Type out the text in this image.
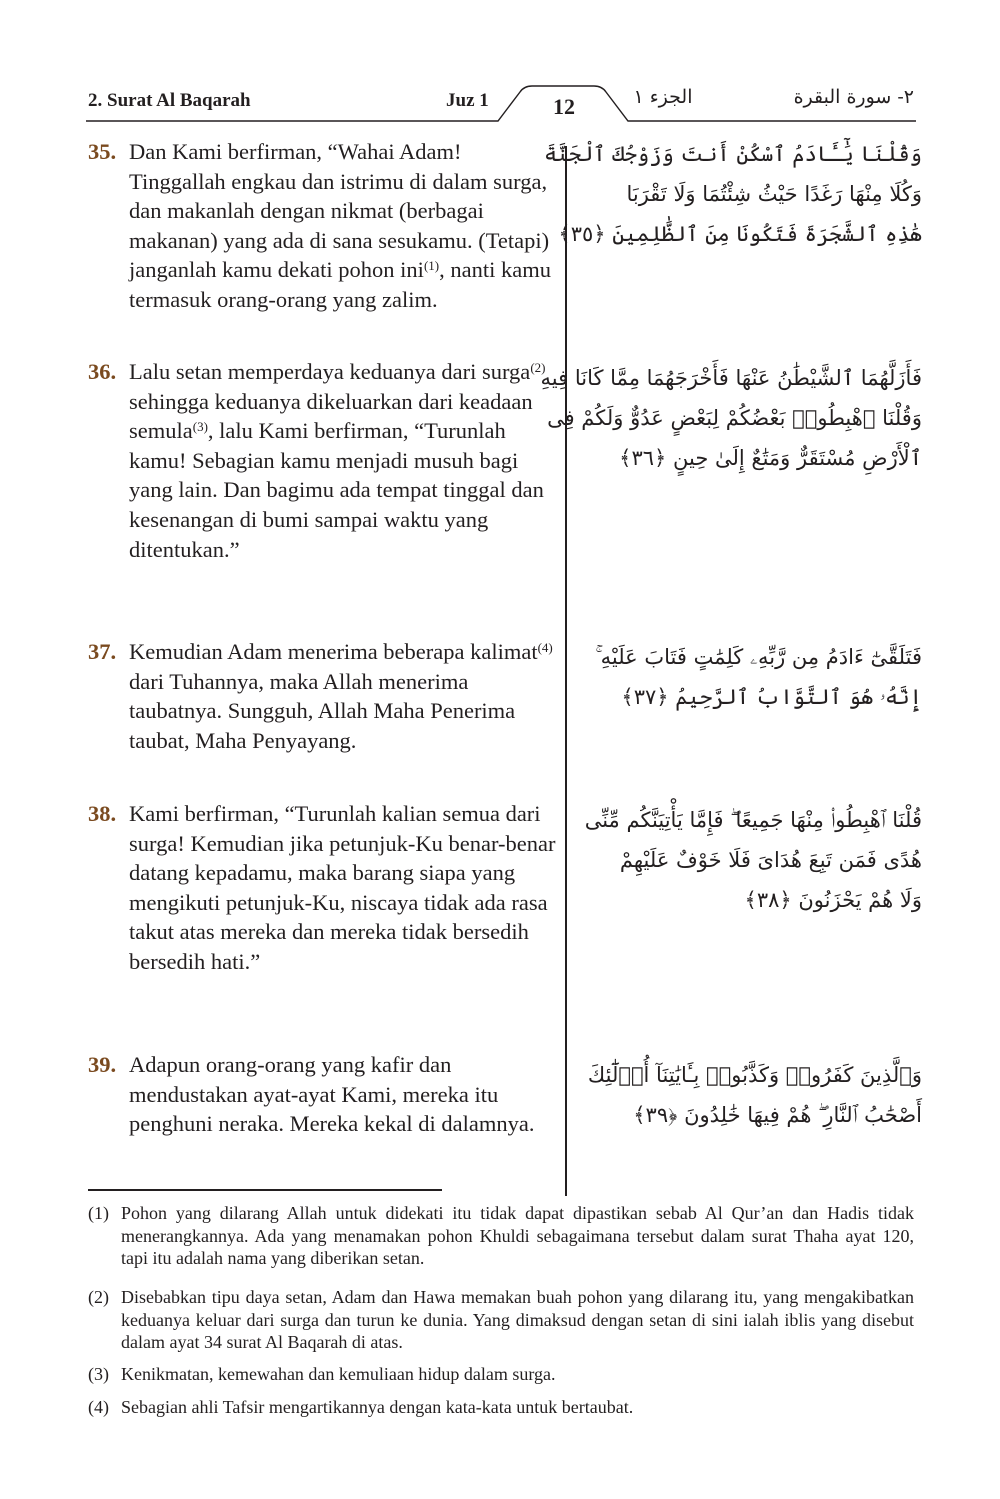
2. Surat Al Baqarah	Juz 1	12	الجزء ١	٢- سورة البقرة
35. Dan Kami berfirman, “Wahai Adam! Tinggallah engkau dan istrimu di dalam surga, dan makanlah dengan nikmat (berbagai makanan) yang ada di sana sesukamu. (Tetapi) janganlah kamu dekati pohon ini$^{(1)}$, nanti kamu termasuk orang-orang yang zalim.
وَقُلْنَا يَٰٓـَٔادَمُ ٱسْكُنْ أَنتَ وَزَوْجُكَ ٱلْجَنَّةَ
وَكُلَا مِنْهَا رَغَدًا حَيْثُ شِئْتُمَا وَلَا تَقْرَبَا
هَٰذِهِ ٱلشَّجَرَةَ فَتَكُونَا مِنَ ٱلظَّٰلِمِينَ ﴿٣٥﴾
36. Lalu setan memperdaya keduanya dari surga$^{(2)}$ sehingga keduanya dikeluarkan dari keadaan semula$^{(3)}$, lalu Kami berfirman, “Turunlah kamu! Sebagian kamu menjadi musuh bagi yang lain. Dan bagimu ada tempat tinggal dan kesenangan di bumi sampai waktu yang ditentukan.”
فَأَزَلَّهُمَا ٱلشَّيْطَٰنُ عَنْهَا فَأَخْرَجَهُمَا مِمَّا كَانَا فِيهِ
وَقُلْنَا ٱهْبِطُوا۟ بَعْضُكُمْ لِبَعْضٍ عَدُوٌّ وَلَكُمْ فِى
ٱلْأَرْضِ مُسْتَقَرٌّ وَمَتَٰعٌ إِلَىٰ حِينٍ ﴿٣٦﴾
37. Kemudian Adam menerima beberapa kalimat$^{(4)}$ dari Tuhannya, maka Allah menerima taubatnya. Sungguh, Allah Maha Penerima taubat, Maha Penyayang.
فَتَلَقَّىٰٓ ءَادَمُ مِن رَّبِّهِۦ كَلِمَٰتٍ فَتَابَ عَلَيْهِ ۚ
إِنَّهُۥ هُوَ ٱلتَّوَّابُ ٱلرَّحِيمُ ﴿٣٧﴾
38. Kami berfirman, “Turunlah kalian semua dari surga! Kemudian jika petunjuk-Ku benar-benar datang kepadamu, maka barang siapa yang mengikuti petunjuk-Ku, niscaya tidak ada rasa takut atas mereka dan mereka tidak bersedih bersedih hati.”
قُلْنَا ٱهْبِطُوا۟ مِنْهَا جَمِيعًا ۖ فَإِمَّا يَأْتِيَنَّكُم مِّنِّى
هُدًى فَمَن تَبِعَ هُدَاىَ فَلَا خَوْفٌ عَلَيْهِمْ
وَلَا هُمْ يَحْزَنُونَ ﴿٣٨﴾
39. Adapun orang-orang yang kafir dan mendustakan ayat-ayat Kami, mereka itu penghuni neraka. Mereka kekal di dalamnya.
وَٱلَّذِينَ كَفَرُوا۟ وَكَذَّبُوا۟ بِـَٔايَٰتِنَآ أُو۟لَٰٓئِكَ
أَصْحَٰبُ ٱلنَّارِ ۖ هُمْ فِيهَا خَٰلِدُونَ ﴿٣٩﴾
(1) Pohon yang dilarang Allah untuk didekati itu tidak dapat dipastikan sebab Al Qur’an dan Hadis tidak menerangkannya. Ada yang menamakan pohon Khuldi sebagaimana tersebut dalam surat Thaha ayat 120, tapi itu adalah nama yang diberikan setan.
(2) Disebabkan tipu daya setan, Adam dan Hawa memakan buah pohon yang dilarang itu, yang mengakibatkan keduanya keluar dari surga dan turun ke dunia. Yang dimaksud dengan setan di sini ialah iblis yang disebut dalam ayat 34 surat Al Baqarah di atas.
(3) Kenikmatan, kemewahan dan kemuliaan hidup dalam surga.
(4) Sebagian ahli Tafsir mengartikannya dengan kata-kata untuk bertaubat.
